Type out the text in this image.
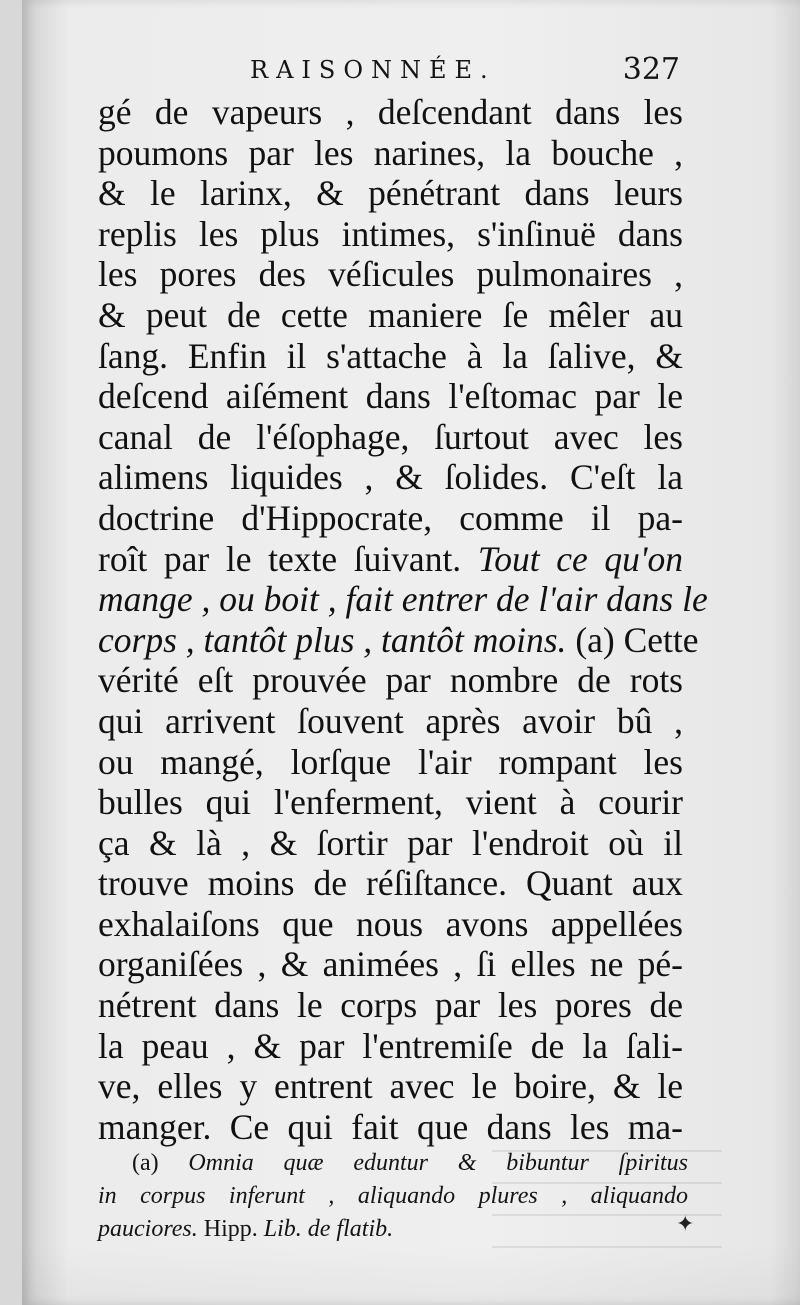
RAISONNÉE.	327
gé de vapeurs , deſcendant dans les
poumons par les narines, la bouche ,
& le larinx, & pénétrant dans leurs
replis les plus intimes, s'inſinuë dans
les pores des véſicules pulmonaires ,
& peut de cette maniere ſe mêler au
ſang. Enfin il s'attache à la ſalive, &
deſcend aiſément dans l'eſtomac par le
canal de l'éſophage, ſurtout avec les
alimens liquides , & ſolides. C'eſt la
doctrine d'Hippocrate, comme il pa-
roît par le texte ſuivant. Tout ce qu'on
mange , ou boit , fait entrer de l'air dans le
corps , tantôt plus , tantôt moins. (a) Cette
vérité eſt prouvée par nombre de rots
qui arrivent ſouvent après avoir bû ,
ou mangé, lorſque l'air rompant les
bulles qui l'enferment, vient à courir
ça & là , & ſortir par l'endroit où il
trouve moins de réſiſtance. Quant aux
exhalaiſons que nous avons appellées
organiſées , & animées , ſi elles ne pé-
nétrent dans le corps par les pores de
la peau , & par l'entremiſe de la ſali-
ve, elles y entrent avec le boire, & le
manger. Ce qui fait que dans les ma-
(a) Omnia quæ eduntur & bibuntur ſpiritus
in corpus inferunt , aliquando plures , aliquando
pauciores. Hipp. Lib. de flatib.	✦
